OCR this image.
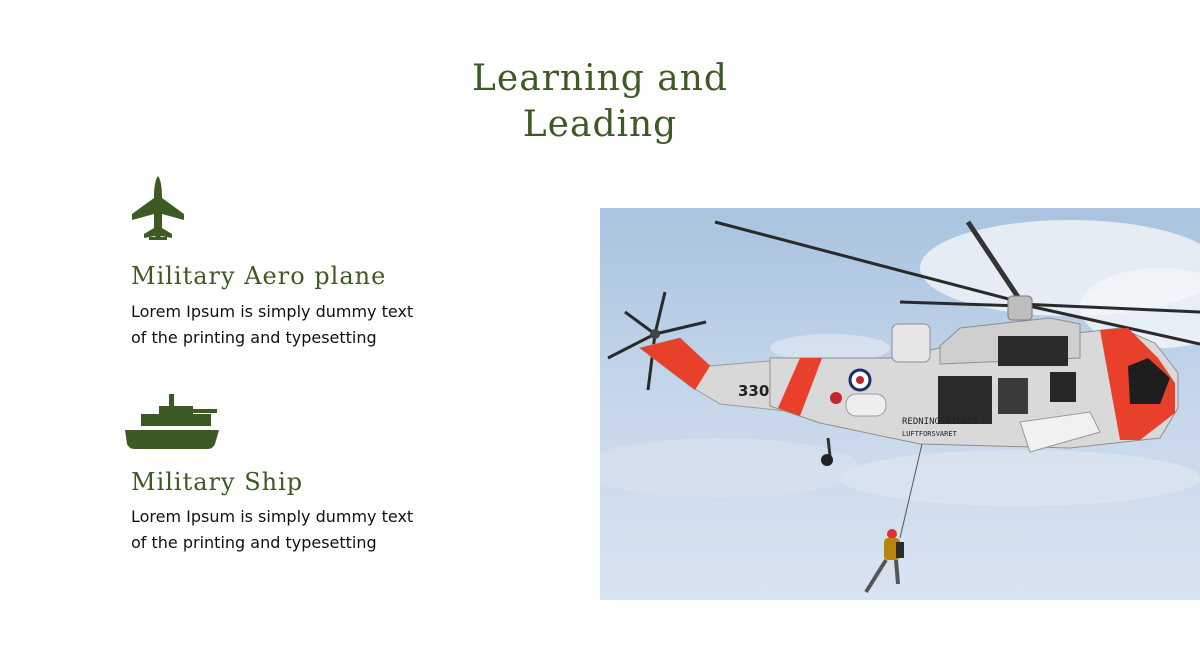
Learning and
Leading
Military Aero plane
Lorem Ipsum is simply dummy text of the printing and typesetting
Military Ship
Lorem Ipsum is simply dummy text of the printing and typesetting
330
REDNINGSTJENES
LUFTFORSVARET
